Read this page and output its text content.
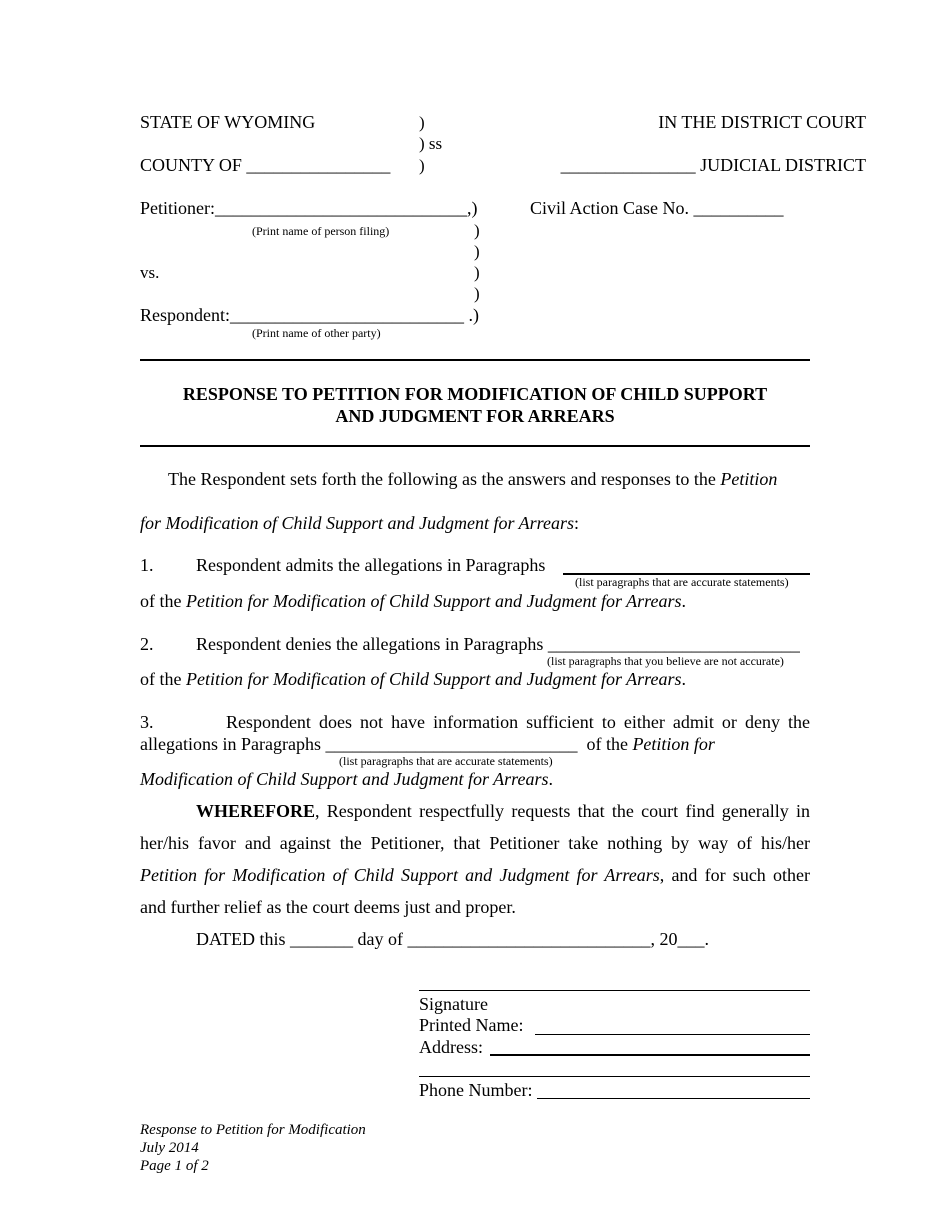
STATE OF WYOMING	)
) ss
)
IN THE DISTRICT COURT
COUNTY OF ________________	_______________ JUDICIAL DISTRICT
Petitioner:____________________________,)
(Print name of person filing)
Civil Action Case No. __________
)
)
vs.	)
)
Respondent:__________________________ .)
(Print name of other party)
RESPONSE TO PETITION FOR MODIFICATION OF CHILD SUPPORT
AND JUDGMENT FOR ARREARS
The Respondent sets forth the following as the answers and responses to the Petition
for Modification of Child Support and Judgment for Arrears:
1. Respondent admits the allegations in Paragraphs
(list paragraphs that are accurate statements)
of the Petition for Modification of Child Support and Judgment for Arrears.
2. Respondent denies the allegations in Paragraphs ____________________________
(list paragraphs that you believe are not accurate)
of the Petition for Modification of Child Support and Judgment for Arrears.
3.	Respondent does not have information sufficient to either admit or deny the
allegations in Paragraphs ____________________________ of the Petition for
(list paragraphs that are accurate statements)
Modification of Child Support and Judgment for Arrears.
WHEREFORE, Respondent respectfully requests that the court find generally in
her/his favor and against the Petitioner, that Petitioner take nothing by way of his/her
Petition for Modification of Child Support and Judgment for Arrears, and for such other
and further relief as the court deems just and proper.
DATED this _______ day of ___________________________, 20___.
Signature
Printed Name:
Address:
Phone Number:
Response to Petition for Modification
July 2014
Page 1 of 2
